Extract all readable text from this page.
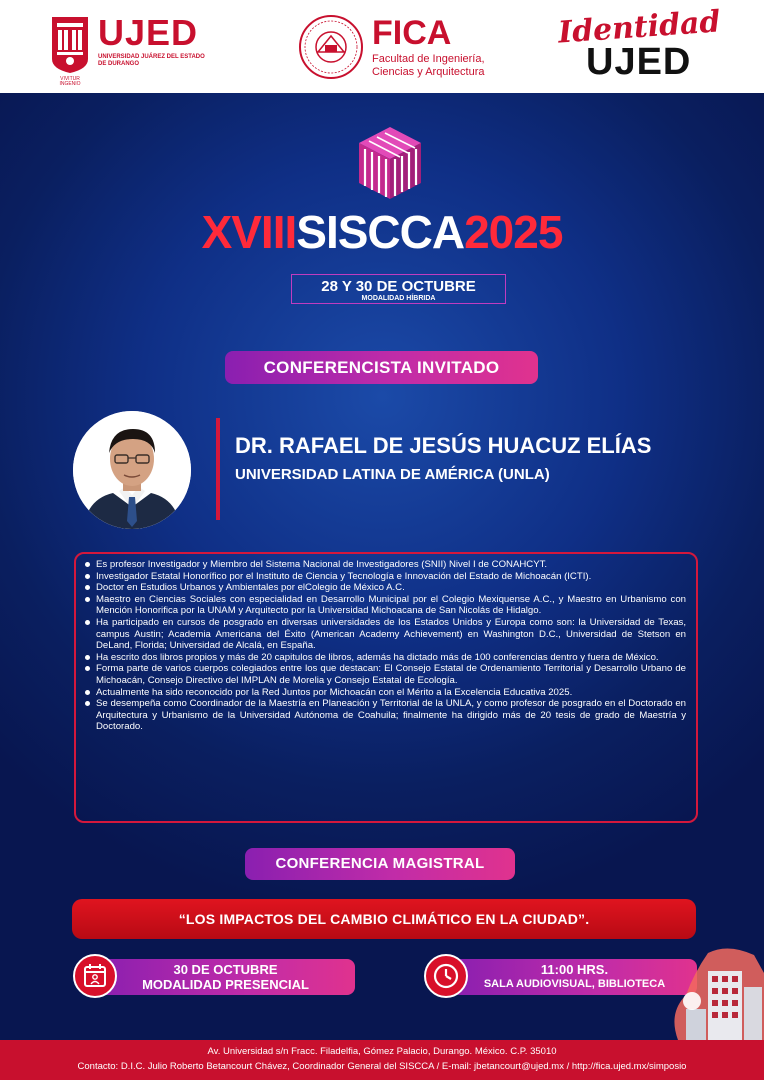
VIVITUR INGENIO
UJED
UNIVERSIDAD JUÁREZ DEL ESTADO DE DURANGO
FICA
Facultad de Ingeniería,
Ciencias y Arquitectura
Identidad
UJED
XVIIISISCCA2025
28 Y 30 DE OCTUBRE
MODALIDAD HÍBRIDA
CONFERENCISTA INVITADO
DR. RAFAEL DE JESÚS HUACUZ ELÍAS
UNIVERSIDAD LATINA DE AMÉRICA (UNLA)
Es profesor Investigador y Miembro del Sistema Nacional de Investigadores (SNII) Nivel I de CONAHCYT.
Investigador Estatal Honorífico por el Instituto de Ciencia y Tecnología e Innovación del Estado de Michoacán (ICTI).
Doctor en Estudios Urbanos y Ambientales por elColegio de México A.C.
Maestro en Ciencias Sociales con especialidad en Desarrollo Municipal por el Colegio Mexiquense A.C., y Maestro en Urbanismo con Mención Honorifica por la UNAM y Arquitecto por la Universidad Michoacana de San Nicolás de Hidalgo.
Ha participado en cursos de posgrado en diversas universidades de los Estados Unidos y Europa como son: la Universidad de Texas, campus Austin; Academia Americana del Éxito (American Academy Achievement) en Washington D.C., Universidad de Stetson en DeLand, Florida; Universidad de Alcalá, en España.
Ha escrito dos libros propios y más de 20 capitulos de libros, además ha dictado más de 100 conferencias dentro y fuera de México.
Forma parte de varios cuerpos colegiados entre los que destacan: El Consejo Estatal de Ordenamiento Territorial y Desarrollo Urbano de Michoacán, Consejo Directivo del IMPLAN de Morelia y Consejo Estatal de Ecología.
Actualmente ha sido reconocido por la Red Juntos por Michoacán con el Mérito a la Excelencia Educativa 2025.
Se desempeña como Coordinador de la Maestría en Planeación y Territorial de la UNLA, y como profesor de posgrado en el Doctorado en Arquitectura y Urbanismo de la Universidad Autónoma de Coahuila; finalmente ha dirigido más de 20 tesis de grado de Maestría y Doctorado.
CONFERENCIA MAGISTRAL
“LOS IMPACTOS DEL CAMBIO CLIMÁTICO EN LA CIUDAD”.
30 DE OCTUBRE
MODALIDAD PRESENCIAL
11:00 HRS.
SALA AUDIOVISUAL, BIBLIOTECA
Av. Universidad s/n Fracc. Filadelfia, Gómez Palacio, Durango. México. C.P. 35010
Contacto: D.I.C. Julio Roberto Betancourt Chávez, Coordinador General del SISCCA / E-mail: jbetancourt@ujed.mx / http://fica.ujed.mx/simposio
